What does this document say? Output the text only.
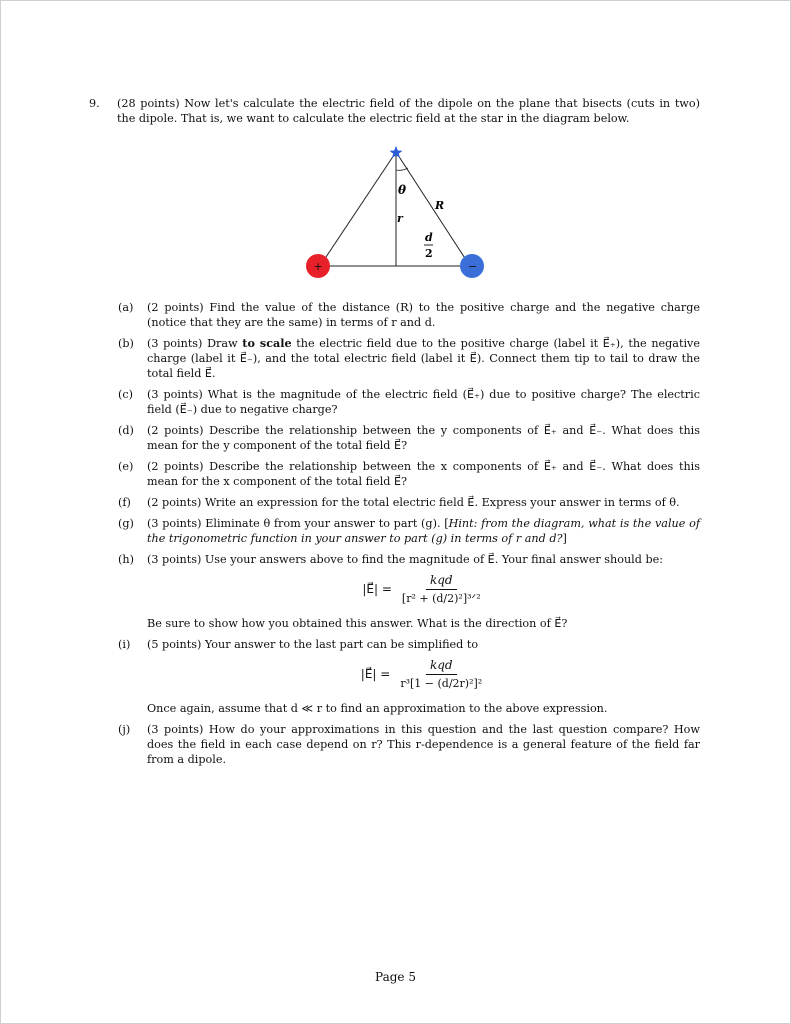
9. (28 points) Now let's calculate the electric field of the dipole on the plane that bisects (cuts in two) the dipole. That is, we want to calculate the electric field at the star in the diagram below.
θ
R
r
d
2
+	−
(a) (2 points) Find the value of the distance (R) to the positive charge and the negative charge (notice that they are the same) in terms of r and d.
(b) (3 points) Draw to scale the electric field due to the positive charge (label it E⃗₊), the negative charge (label it E⃗₋), and the total electric field (label it E⃗). Connect them tip to tail to draw the total field E⃗.
(c) (3 points) What is the magnitude of the electric field (E⃗₊) due to positive charge? The electric field (E⃗₋) due to negative charge?
(d) (2 points) Describe the relationship between the y components of E⃗₊ and E⃗₋. What does this mean for the y component of the total field E⃗?
(e) (2 points) Describe the relationship between the x components of E⃗₊ and E⃗₋. What does this mean for the x component of the total field E⃗?
(f) (2 points) Write an expression for the total electric field E⃗. Express your answer in terms of θ.
(g) (3 points) Eliminate θ from your answer to part (g). [Hint: from the diagram, what is the value of the trigonometric function in your answer to part (g) in terms of r and d?]
(h) (3 points) Use your answers above to find the magnitude of E⃗. Your final answer should be:
|E⃗| = $\frac{\text{kqd}}{\text{[r² + (d/2)²]³ᐟ²}}$
Be sure to show how you obtained this answer. What is the direction of E⃗?
(i) (5 points) Your answer to the last part can be simplified to
|E⃗| = $\frac{\text{kqd}}{\text{r³[1 − (d/2r)²]²}}$
Once again, assume that d ≪ r to find an approximation to the above expression.
(j) (3 points) How do your approximations in this question and the last question compare? How does the field in each case depend on r? This r-dependence is a general feature of the field far from a dipole.
Page 5
